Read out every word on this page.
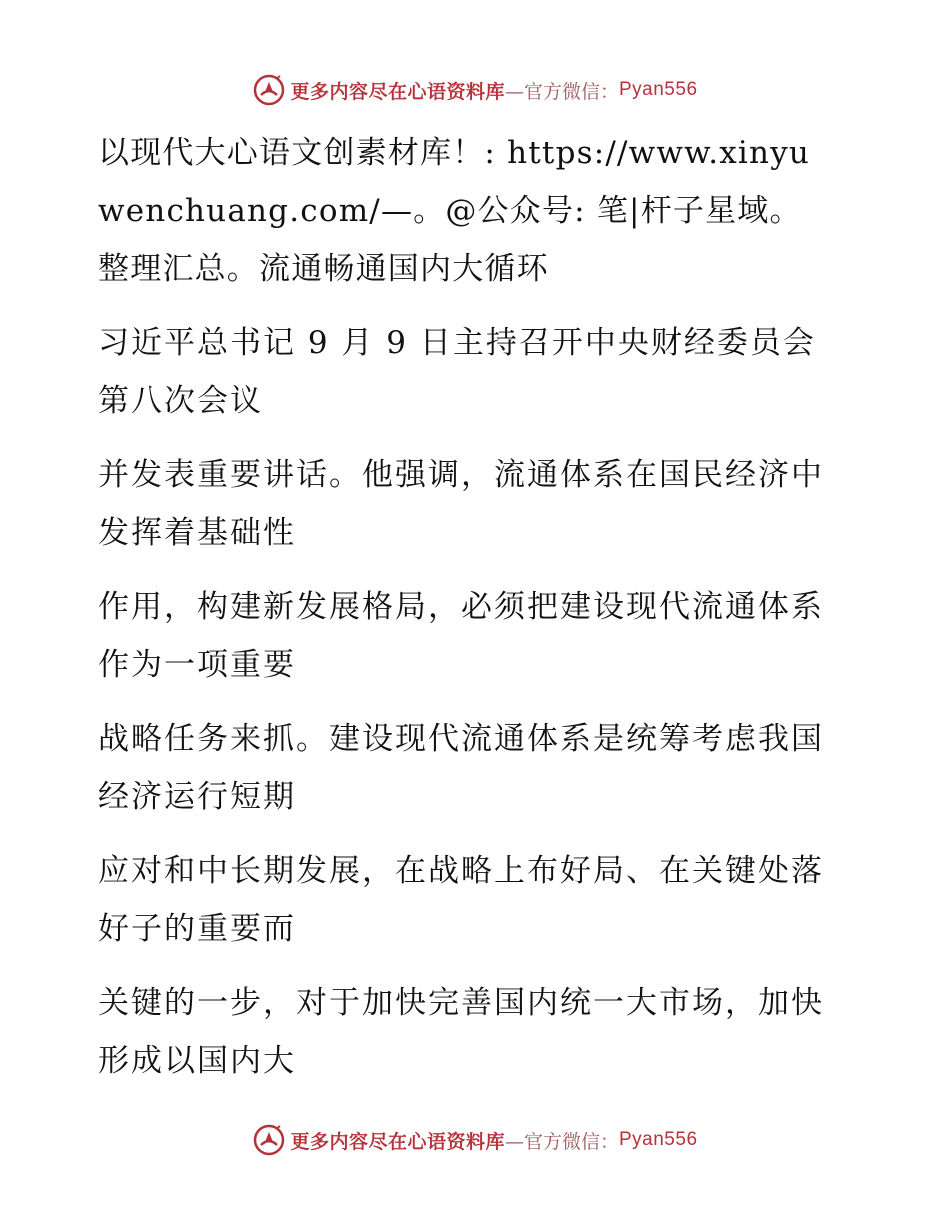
更多内容尽在心语资料库 —官方微信： Pyan556

以现代大心语文创素材库！: https://www.xinyuwenchuang.com/—。@公众号: 笔|杆子星域。整理汇总。流通畅通国内大循环

习近平总书记 9 月 9 日主持召开中央财经委员会第八次会议

并发表重要讲话。他强调，流通体系在国民经济中发挥着基础性

作用，构建新发展格局，必须把建设现代流通体系作为一项重要

战略任务来抓。建设现代流通体系是统筹考虑我国经济运行短期

应对和中长期发展，在战略上布好局、在关键处落好子的重要而

关键的一步，对于加快完善国内统一大市场，加快形成以国内大

更多内容尽在心语资料库 —官方微信： Pyan556
